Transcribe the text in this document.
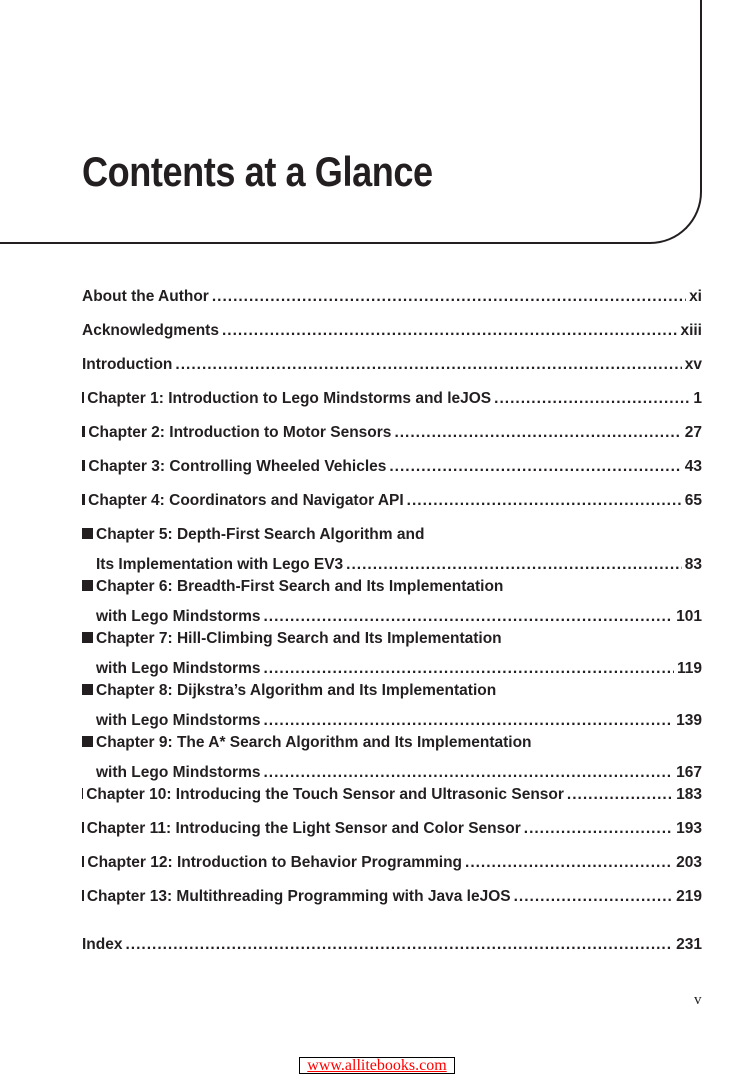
Contents at a Glance
About the Author .....	xi
Acknowledgments .....	xiii
Introduction .....	xv
Chapter 1: Introduction to Lego Mindstorms and leJOS .....	1
Chapter 2: Introduction to Motor Sensors .....	27
Chapter 3: Controlling Wheeled Vehicles .....	43
Chapter 4: Coordinators and Navigator API .....	65
Chapter 5: Depth-First Search Algorithm and
Its Implementation with Lego EV3 .....	83
Chapter 6: Breadth-First Search and Its Implementation
with Lego Mindstorms .....	101
Chapter 7: Hill-Climbing Search and Its Implementation
with Lego Mindstorms .....	119
Chapter 8: Dijkstra’s Algorithm and Its Implementation
with Lego Mindstorms .....	139
Chapter 9: The A* Search Algorithm and Its Implementation
with Lego Mindstorms .....	167
Chapter 10: Introducing the Touch Sensor and Ultrasonic Sensor .....	183
Chapter 11: Introducing the Light Sensor and Color Sensor .....	193
Chapter 12: Introduction to Behavior Programming .....	203
Chapter 13: Multithreading Programming with Java leJOS .....	219
Index .....	231
v
www.allitebooks.com
